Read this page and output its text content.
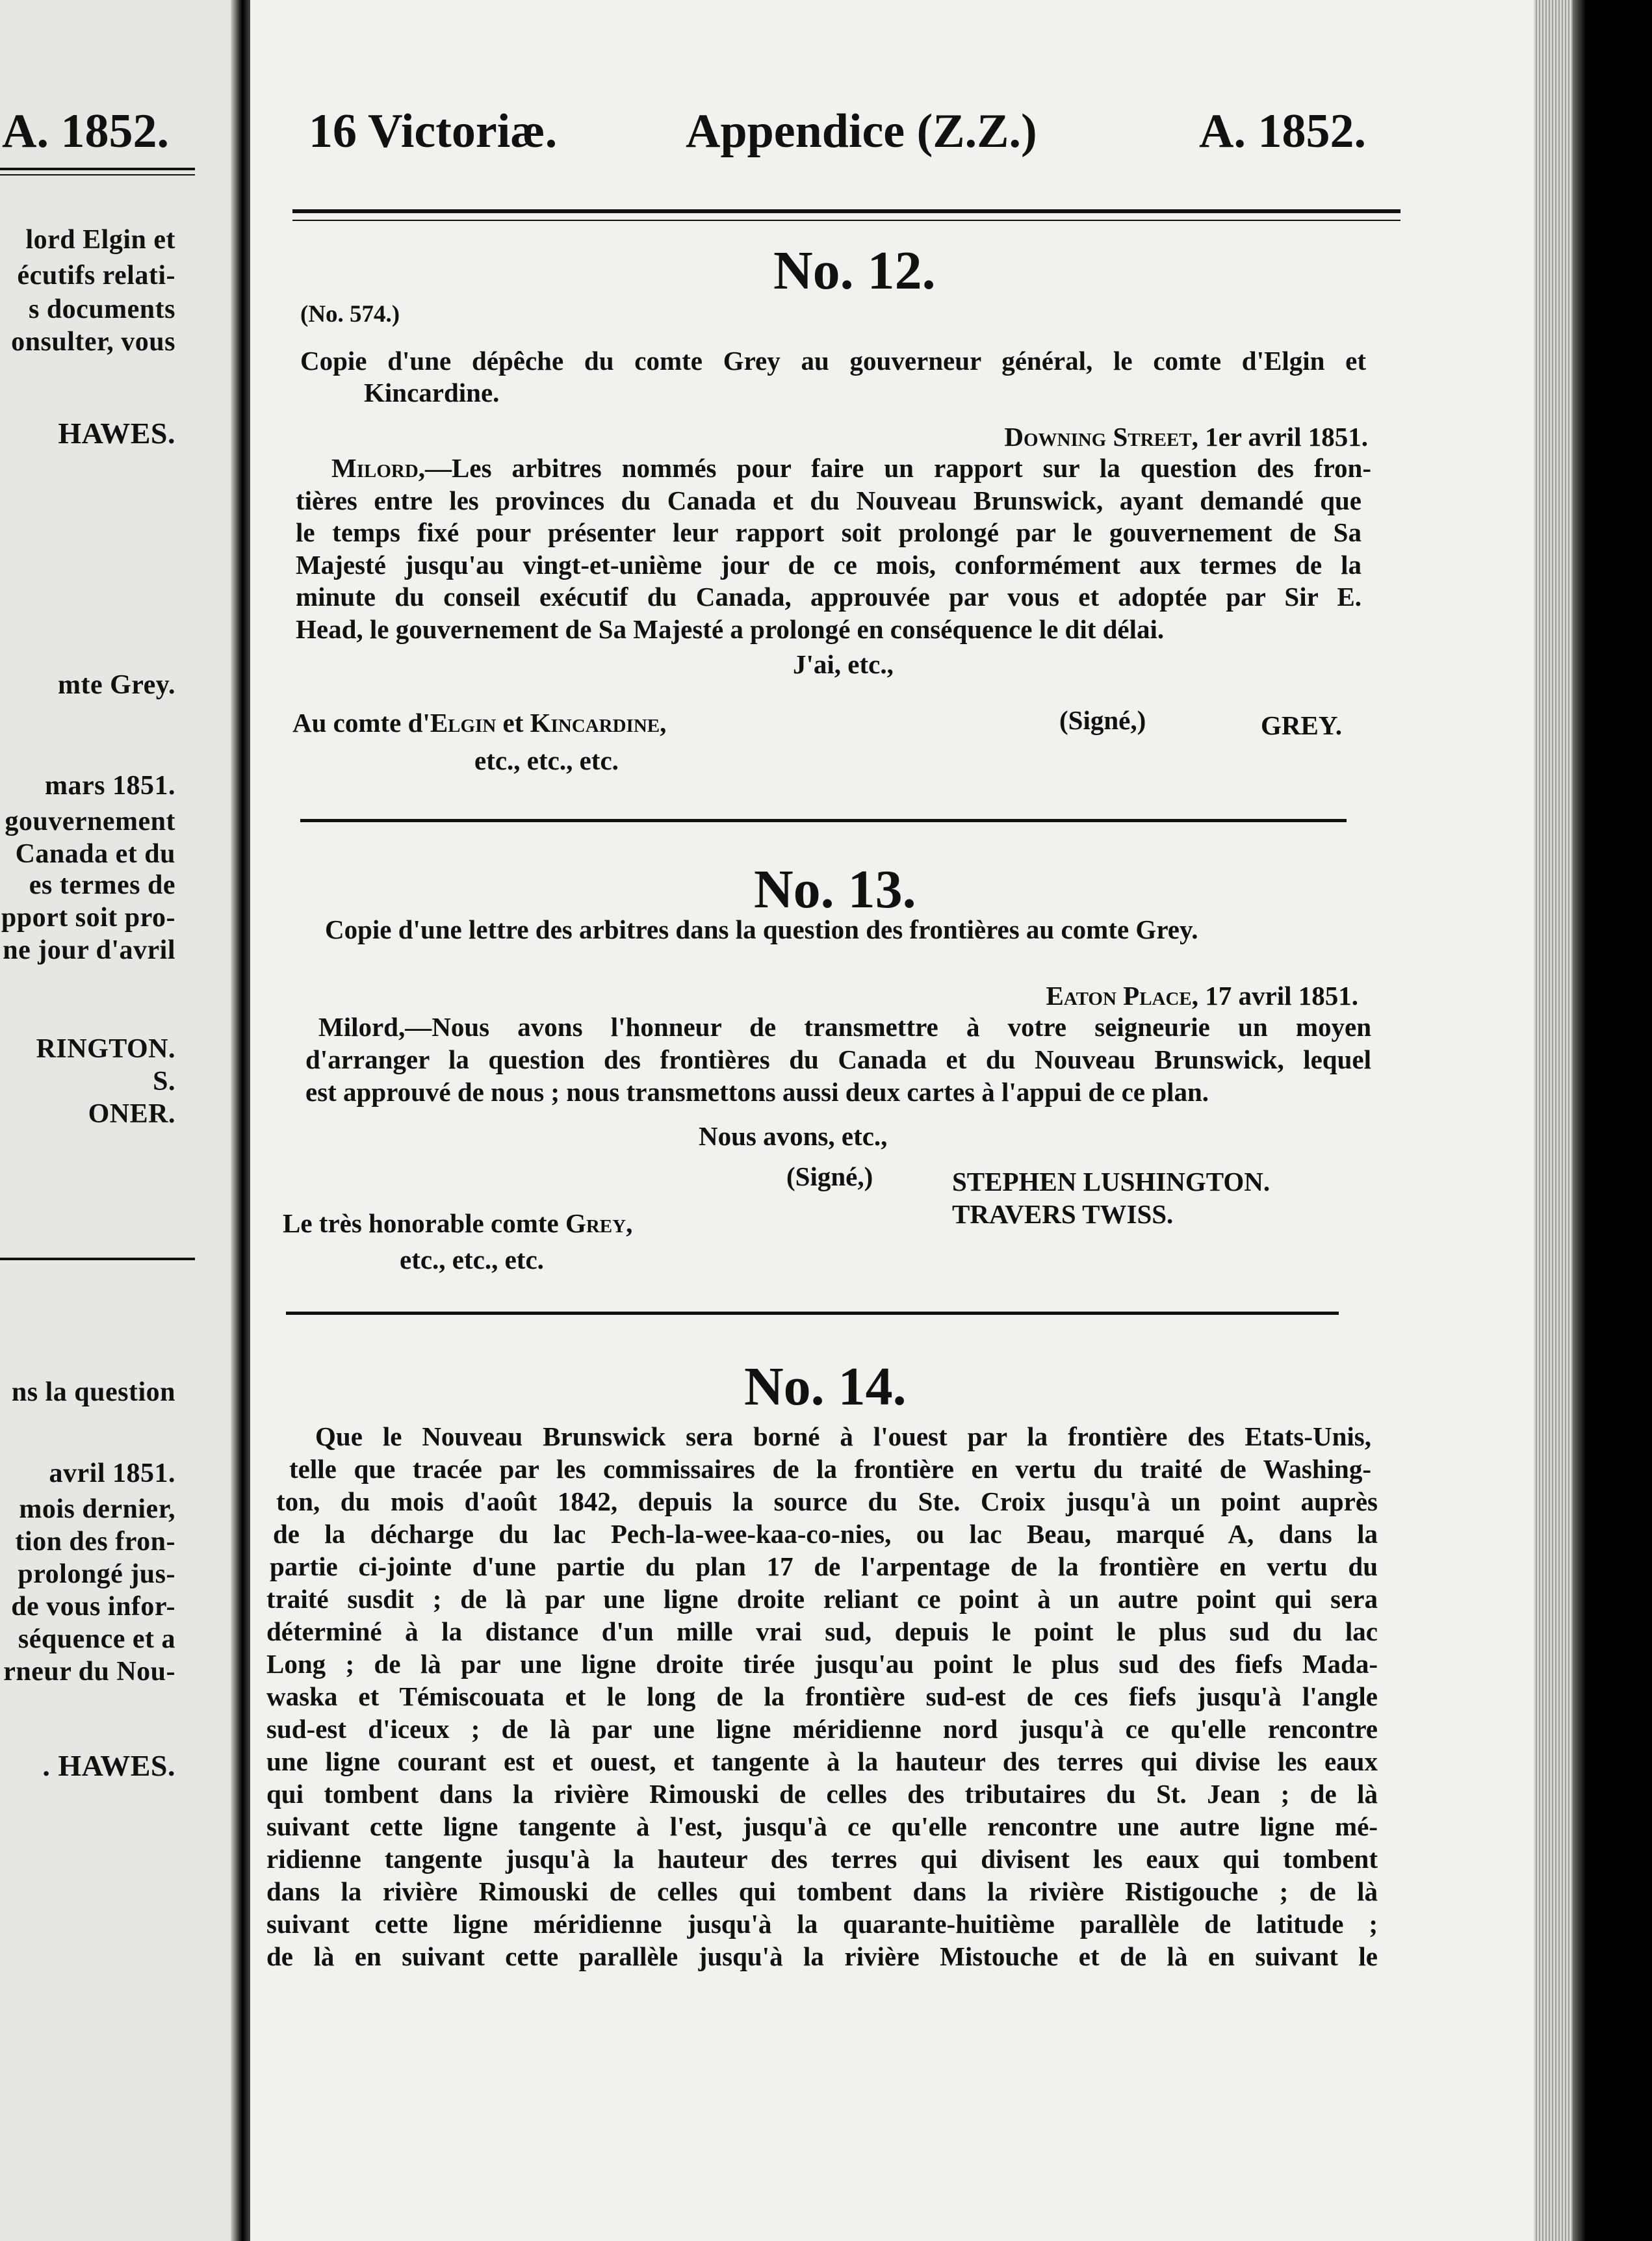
A. 1852.
lord Elgin et
écutifs relati-
s documents
onsulter, vous
HAWES.
mte Grey.
mars 1851.
gouvernement
Canada et du
es termes de
pport soit pro-
ne jour d'avril
RINGTON.
S.
ONER.
ns la question
avril 1851.
mois dernier,
tion des fron-
prolongé jus-
de vous infor-
séquence et a
rneur du Nou-
. HAWES.
16 Victoriæ.	Appendice (Z.Z.)	A. 1852.
No. 12.
(No. 574.)
Copie d'une dépêche du comte Grey au gouverneur général, le comte d'Elgin et
Kincardine.
Downing Street, 1er avril 1851.
Milord,—Les arbitres nommés pour faire un rapport sur la question des fron-
tières entre les provinces du Canada et du Nouveau Brunswick, ayant demandé que
le temps fixé pour présenter leur rapport soit prolongé par le gouvernement de Sa
Majesté jusqu'au vingt-et-unième jour de ce mois, conformément aux termes de la
minute du conseil exécutif du Canada, approuvée par vous et adoptée par Sir E.
Head, le gouvernement de Sa Majesté a prolongé en conséquence le dit délai.
J'ai, etc.,
Au comte d'Elgin et Kincardine,	(Signé,)	GREY.
etc., etc., etc.
No. 13.
Copie d'une lettre des arbitres dans la question des frontières au comte Grey.
Eaton Place, 17 avril 1851.
Milord,—Nous avons l'honneur de transmettre à votre seigneurie un moyen
d'arranger la question des frontières du Canada et du Nouveau Brunswick, lequel
est approuvé de nous ; nous transmettons aussi deux cartes à l'appui de ce plan.
Nous avons, etc.,
(Signé,)	STEPHEN LUSHINGTON.
TRAVERS TWISS.
Le très honorable comte Grey,
etc., etc., etc.
No. 14.
Que le Nouveau Brunswick sera borné à l'ouest par la frontière des Etats-Unis,
telle que tracée par les commissaires de la frontière en vertu du traité de Washing-
ton, du mois d'août 1842, depuis la source du Ste. Croix jusqu'à un point auprès
de la décharge du lac Pech-la-wee-kaa-co-nies, ou lac Beau, marqué A, dans la
partie ci-jointe d'une partie du plan 17 de l'arpentage de la frontière en vertu du
traité susdit ; de là par une ligne droite reliant ce point à un autre point qui sera
déterminé à la distance d'un mille vrai sud, depuis le point le plus sud du lac
Long ; de là par une ligne droite tirée jusqu'au point le plus sud des fiefs Mada-
waska et Témiscouata et le long de la frontière sud-est de ces fiefs jusqu'à l'angle
sud-est d'iceux ; de là par une ligne méridienne nord jusqu'à ce qu'elle rencontre
une ligne courant est et ouest, et tangente à la hauteur des terres qui divise les eaux
qui tombent dans la rivière Rimouski de celles des tributaires du St. Jean ; de là
suivant cette ligne tangente à l'est, jusqu'à ce qu'elle rencontre une autre ligne mé-
ridienne tangente jusqu'à la hauteur des terres qui divisent les eaux qui tombent
dans la rivière Rimouski de celles qui tombent dans la rivière Ristigouche ; de là
suivant cette ligne méridienne jusqu'à la quarante-huitième parallèle de latitude ;
de là en suivant cette parallèle jusqu'à la rivière Mistouche et de là en suivant le
